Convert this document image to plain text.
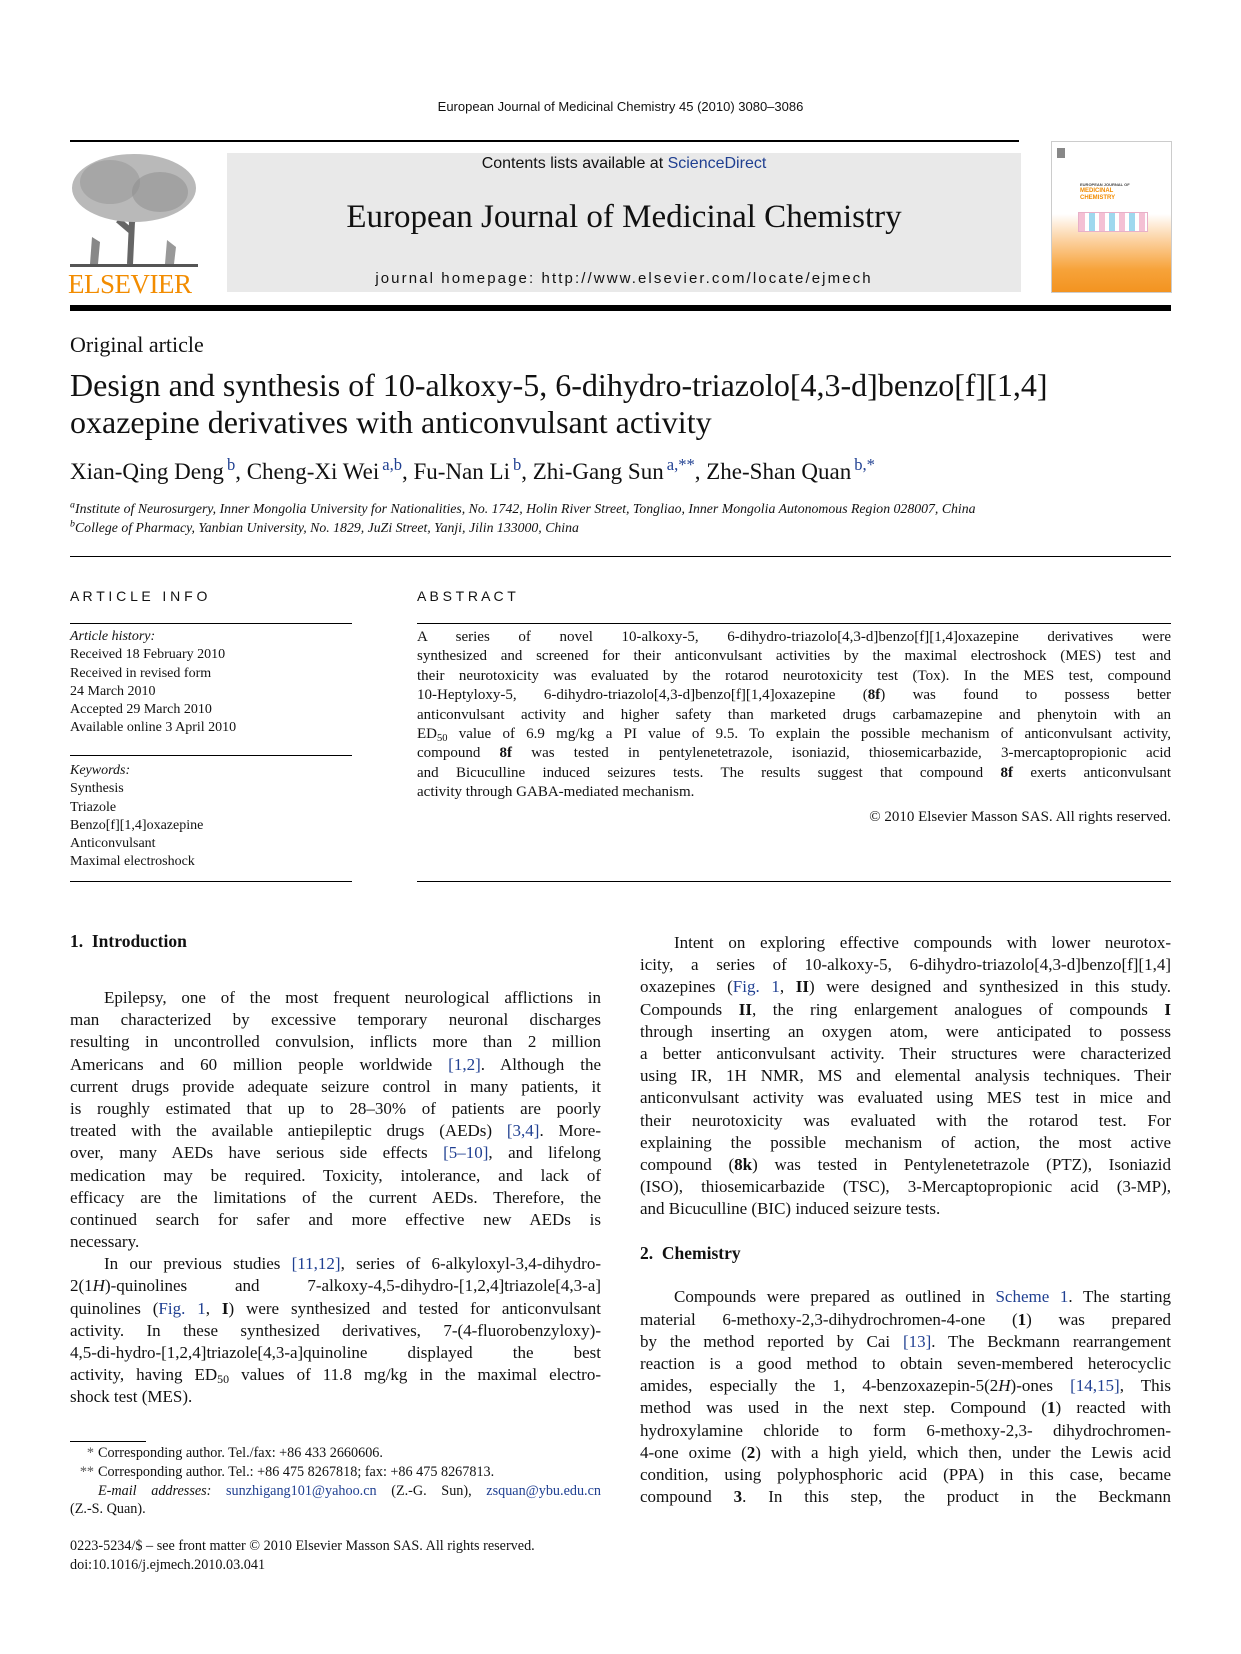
European Journal of Medicinal Chemistry 45 (2010) 3080–3086
ELSEVIER
Contents lists available at ScienceDirect
European Journal of Medicinal Chemistry
journal homepage: http://www.elsevier.com/locate/ejmech
EUROPEAN JOURNAL OF
MEDICINAL
CHEMISTRY
Original article
Design and synthesis of 10-alkoxy-5, 6-dihydro-triazolo[4,3-d]benzo[f][1,4]
oxazepine derivatives with anticonvulsant activity
Xian-Qing Deng $^b$, Cheng-Xi Wei $^{a,b}$, Fu-Nan Li $^b$, Zhi-Gang Sun $^{a,**}$, Zhe-Shan Quan $^{b,*}$
$^a$Institute of Neurosurgery, Inner Mongolia University for Nationalities, No. 1742, Holin River Street, Tongliao, Inner Mongolia Autonomous Region 028007, China
$^b$College of Pharmacy, Yanbian University, No. 1829, JuZi Street, Yanji, Jilin 133000, China
A R T I C L E   I N F O
Article history:
Received 18 February 2010
Received in revised form
24 March 2010
Accepted 29 March 2010
Available online 3 April 2010
Keywords:
Synthesis
Triazole
Benzo[f][1,4]oxazepine
Anticonvulsant
Maximal electroshock
A B S T R A C T
A series of novel 10-alkoxy-5, 6-dihydro-triazolo[4,3-d]benzo[f][1,4]oxazepine derivatives were
synthesized and screened for their anticonvulsant activities by the maximal electroshock (MES) test and
their neurotoxicity was evaluated by the rotarod neurotoxicity test (Tox). In the MES test, compound
10-Heptyloxy-5, 6-dihydro-triazolo[4,3-d]benzo[f][1,4]oxazepine (8f) was found to possess better
anticonvulsant activity and higher safety than marketed drugs carbamazepine and phenytoin with an
$ED_{50}$ value of 6.9 mg/kg a PI value of 9.5. To explain the possible mechanism of anticonvulsant activity,
compound 8f was tested in pentylenetetrazole, isoniazid, thiosemicarbazide, 3-mercaptopropionic acid
and Bicuculline induced seizures tests. The results suggest that compound 8f exerts anticonvulsant
activity through GABA-mediated mechanism.
© 2010 Elsevier Masson SAS. All rights reserved.
1.  Introduction
Epilepsy, one of the most frequent neurological afflictions in
man characterized by excessive temporary neuronal discharges
resulting in uncontrolled convulsion, inflicts more than 2 million
Americans and 60 million people worldwide [1,2]. Although the
current drugs provide adequate seizure control in many patients, it
is roughly estimated that up to 28–30% of patients are poorly
treated with the available antiepileptic drugs (AEDs) [3,4]. More-
over, many AEDs have serious side effects [5–10], and lifelong
medication may be required. Toxicity, intolerance, and lack of
efficacy are the limitations of the current AEDs. Therefore, the
continued search for safer and more effective new AEDs is
necessary.
In our previous studies [11,12], series of 6-alkyloxyl-3,4-dihydro-
2(1H)-quinolines and 7-alkoxy-4,5-dihydro-[1,2,4]triazole[4,3-a]
quinolines (Fig. 1, I) were synthesized and tested for anticonvulsant
activity. In these synthesized derivatives, 7-(4-fluorobenzyloxy)-
4,5-di-hydro-[1,2,4]triazole[4,3-a]quinoline displayed the best
activity, having $ED_{50}$ values of 11.8 mg/kg in the maximal electro-
shock test (MES).
Intent on exploring effective compounds with lower neurotox-
icity, a series of 10-alkoxy-5, 6-dihydro-triazolo[4,3-d]benzo[f][1,4]
oxazepines (Fig. 1, II) were designed and synthesized in this study.
Compounds II, the ring enlargement analogues of compounds I
through inserting an oxygen atom, were anticipated to possess
a better anticonvulsant activity. Their structures were characterized
using IR, 1H NMR, MS and elemental analysis techniques. Their
anticonvulsant activity was evaluated using MES test in mice and
their neurotoxicity was evaluated with the rotarod test. For
explaining the possible mechanism of action, the most active
compound (8k) was tested in Pentylenetetrazole (PTZ), Isoniazid
(ISO), thiosemicarbazide (TSC), 3-Mercaptopropionic acid (3-MP),
and Bicuculline (BIC) induced seizure tests.
2.  Chemistry
Compounds were prepared as outlined in Scheme 1. The starting
material 6-methoxy-2,3-dihydrochromen-4-one (1) was prepared
by the method reported by Cai [13]. The Beckmann rearrangement
reaction is a good method to obtain seven-membered heterocyclic
amides, especially the 1, 4-benzoxazepin-5(2H)-ones [14,15], This
method was used in the next step. Compound (1) reacted with
hydroxylamine chloride to form 6-methoxy-2,3- dihydrochromen-
4-one oxime (2) with a high yield, which then, under the Lewis acid
condition, using polyphosphoric acid (PPA) in this case, became
compound 3. In this step, the product in the Beckmann
* Corresponding author. Tel./fax: +86 433 2660606.
** Corresponding author. Tel.: +86 475 8267818; fax: +86 475 8267813.
E-mail addresses: sunzhigang101@yahoo.cn (Z.-G. Sun), zsquan@ybu.edu.cn
(Z.-S. Quan).
0223-5234/$ – see front matter © 2010 Elsevier Masson SAS. All rights reserved.
doi:10.1016/j.ejmech.2010.03.041
